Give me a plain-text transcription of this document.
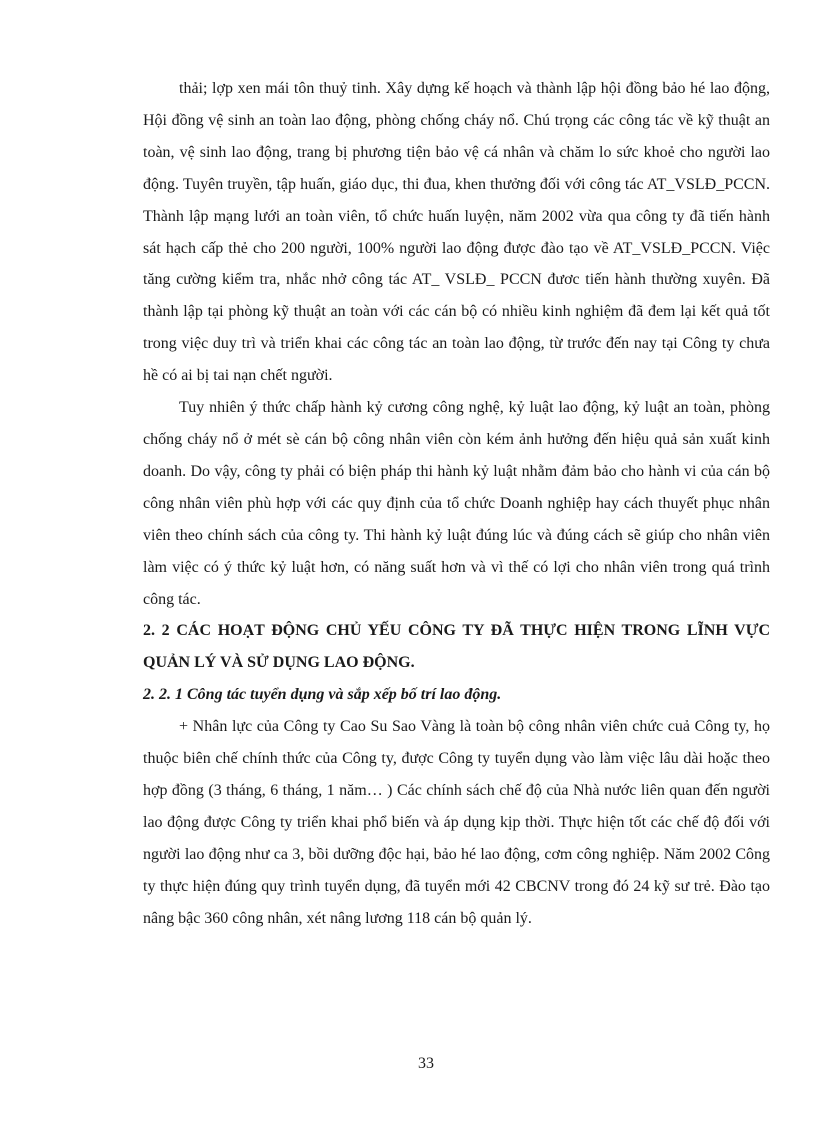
thải; lợp xen mái tôn thuỷ tinh. Xây dựng kế hoạch và thành lập hội đồng bảo hé lao động, Hội đồng vệ sinh an toàn lao động, phòng chống cháy nổ. Chú trọng các công tác về kỹ thuật an toàn, vệ sinh lao động, trang bị phương tiện bảo vệ cá nhân và chăm lo sức khoẻ cho người lao động. Tuyên truyền, tập huấn, giáo dục, thi đua, khen thưởng đối với công tác AT_VSLĐ_PCCN. Thành lập mạng lưới an toàn viên, tổ chức huấn luyện, năm 2002 vừa qua công ty đã tiến hành sát hạch cấp thẻ cho 200 người, 100% người lao động được đào tạo về AT_VSLĐ_PCCN. Việc tăng cường kiểm tra, nhắc nhở công tác AT_ VSLĐ_ PCCN đươc tiến hành thường xuyên. Đã thành lập tại phòng kỹ thuật an toàn với các cán bộ có nhiều kinh nghiệm đã đem lại kết quả tốt trong việc duy trì và triển khai các công tác an toàn lao động, từ trước đến nay tại Công ty chưa hề có ai bị tai nạn chết người.

Tuy nhiên ý thức chấp hành kỷ cương công nghệ, kỷ luật lao động, kỷ luật an toàn, phòng chống cháy nổ ở mét sè cán bộ công nhân viên còn kém ảnh hưởng đến hiệu quả sản xuất kinh doanh. Do vậy, công ty phải có biện pháp thi hành kỷ luật nhằm đảm bảo cho hành vi của cán bộ công nhân viên phù hợp với các quy định của tổ chức Doanh nghiệp hay cách thuyết phục nhân viên theo chính sách của công ty. Thi hành kỷ luật đúng lúc và đúng cách sẽ giúp cho nhân viên làm việc có ý thức kỷ luật hơn, có năng suất hơn và vì thế có lợi cho nhân viên trong quá trình công tác.

2. 2 CÁC HOẠT ĐỘNG CHỦ YẾU CÔNG TY ĐÃ THỰC HIỆN TRONG LĨNH VỰC QUẢN LÝ VÀ SỬ DỤNG LAO ĐỘNG.

2. 2. 1 Công tác tuyển dụng và sắp xếp bố trí lao động.

+ Nhân lực của Công ty Cao Su Sao Vàng là toàn bộ công nhân viên chức cuả Công ty, họ thuộc biên chế chính thức của Công ty, được Công ty tuyển dụng vào làm việc lâu dài hoặc theo hợp đồng (3 tháng, 6 tháng, 1 năm… ) Các chính sách chế độ của Nhà nước liên quan đến người lao động được Công ty triển khai phổ biến và áp dụng kịp thời. Thực hiện tốt các chế độ đối với người lao động như ca 3, bồi dưỡng độc hại, bảo hé lao động, cơm công nghiệp. Năm 2002 Công ty thực hiện đúng quy trình tuyển dụng, đã tuyển mới 42 CBCNV trong đó 24 kỹ sư trẻ. Đào tạo nâng bậc 360 công nhân, xét nâng lương 118 cán bộ quản lý.

33
